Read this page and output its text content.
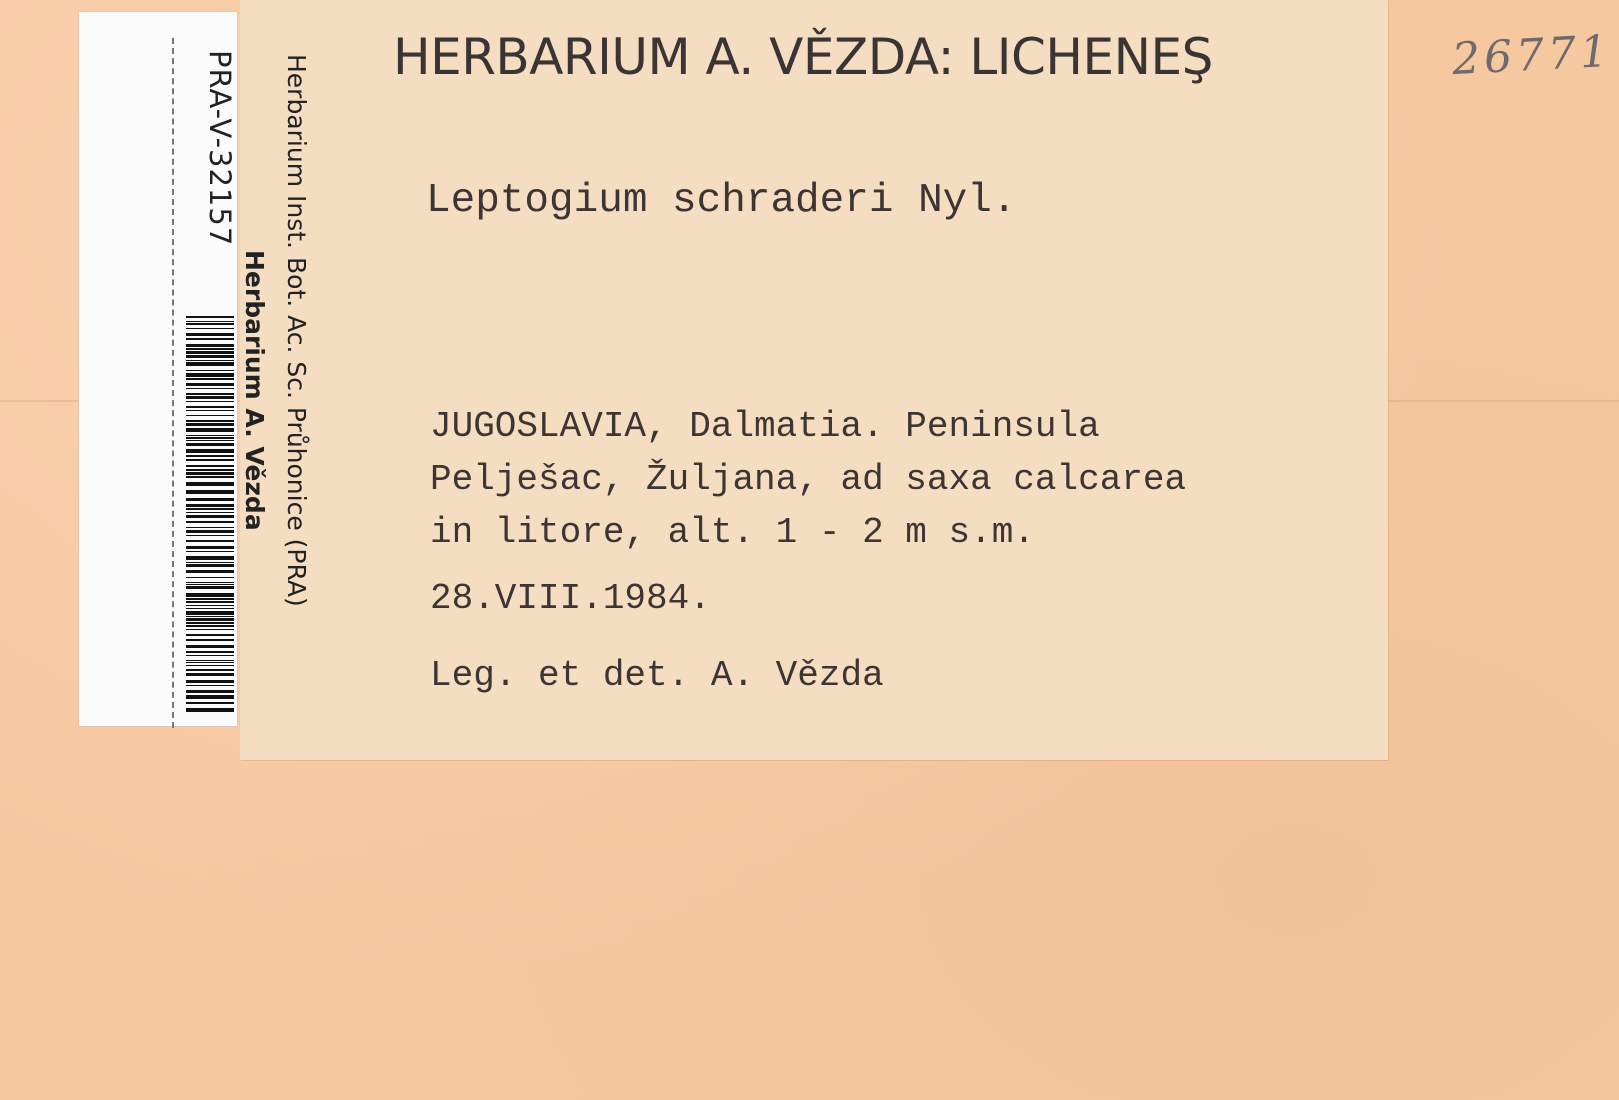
HERBARIUM A. VĚZDA: LICHENEŞ
Leptogium schraderi Nyl.
JUGOSLAVIA, Dalmatia. Peninsula
Pelješac, Žuljana, ad saxa calcarea
in litore, alt. 1 - 2 m s.m.
28.VIII.1984.
Leg. et det. A. Vězda
26771
Herbarium Inst. Bot. Ac. Sc. Průhonice (PRA)
Herbarium A. Vězda
PRA-V-32157
